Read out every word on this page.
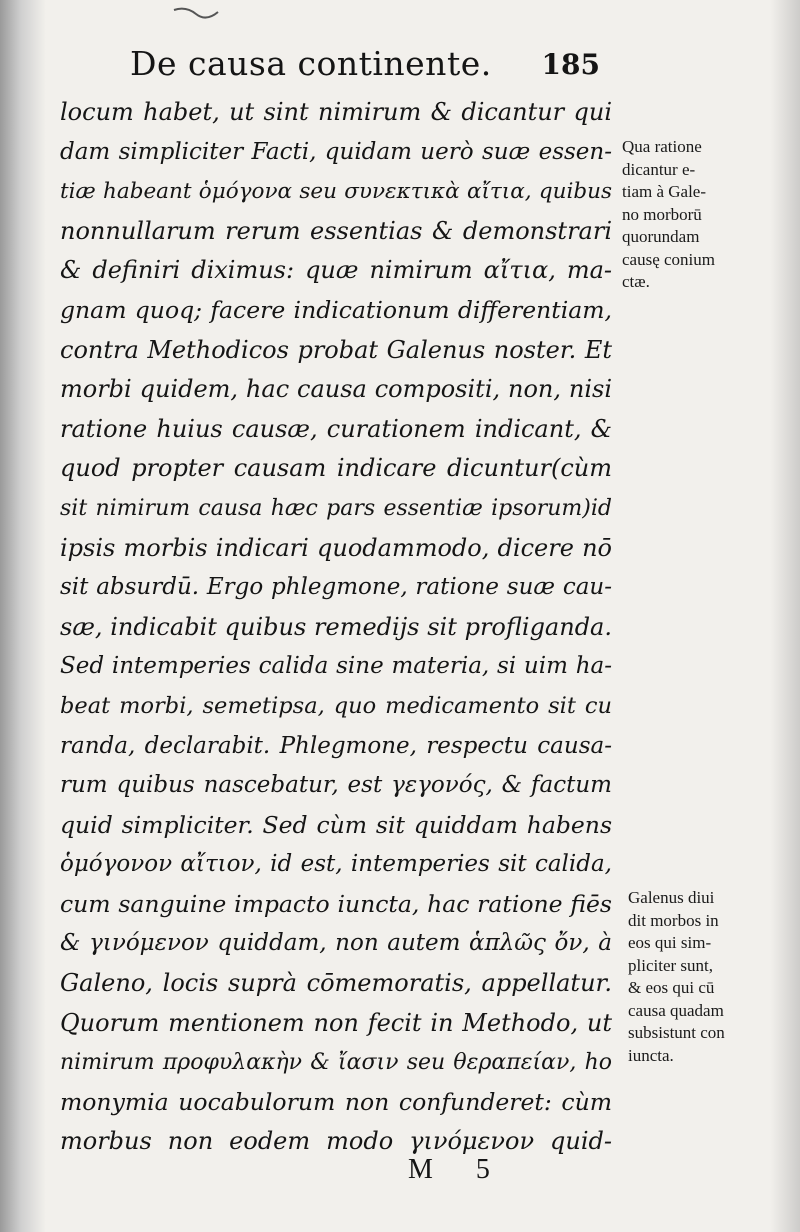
De causa continente. 185
locum habet, ut sint nimirum & dicantur qui
dam simpliciter Facti, quidam uerò suæ essen-
tiæ habeant ὁμόγονα seu συνεκτικὰ αἴτια, quibus
nonnullarum rerum essentias & demonstrari
& definiri diximus: quæ nimirum αἴτια, ma-
gnam quoq; facere indicationum differentiam,
contra Methodicos probat Galenus noster. Et
morbi quidem, hac causa compositi, non, nisi
ratione huius causæ, curationem indicant, &
quod propter causam indicare dicuntur(cùm
sit nimirum causa hæc pars essentiæ ipsorum)id
ipsis morbis indicari quodammodo, dicere nō
sit absurdū. Ergo phlegmone, ratione suæ cau-
sæ, indicabit quibus remedijs sit profliganda.
Sed intemperies calida sine materia, si uim ha-
beat morbi, semetipsa, quo medicamento sit cu
randa, declarabit. Phlegmone, respectu causa-
rum quibus nascebatur, est γεγονός, & factum
quid simpliciter. Sed cùm sit quiddam habens
ὁμόγονον αἴτιον, id est, intemperies sit calida,
cum sanguine impacto iuncta, hac ratione fiēs
& γινόμενον quiddam, non autem ἁπλῶς ὄν, à
Galeno, locis suprà cōmemoratis, appellatur.
Quorum mentionem non fecit in Methodo, ut
nimirum προφυλακὴν & ἴασιν seu θεραπείαν, ho
monymia uocabulorum non confunderet: cùm
morbus non eodem modo γινόμενον quid-
Qua ratione
dicantur e-
tiam à Gale-
no morborū
quorundam
causę conium
ctæ.
Galenus diui
dit morbos in
eos qui sim-
pliciter sunt,
& eos qui cū
causa quadam
subsistunt con
iuncta.
M 5
